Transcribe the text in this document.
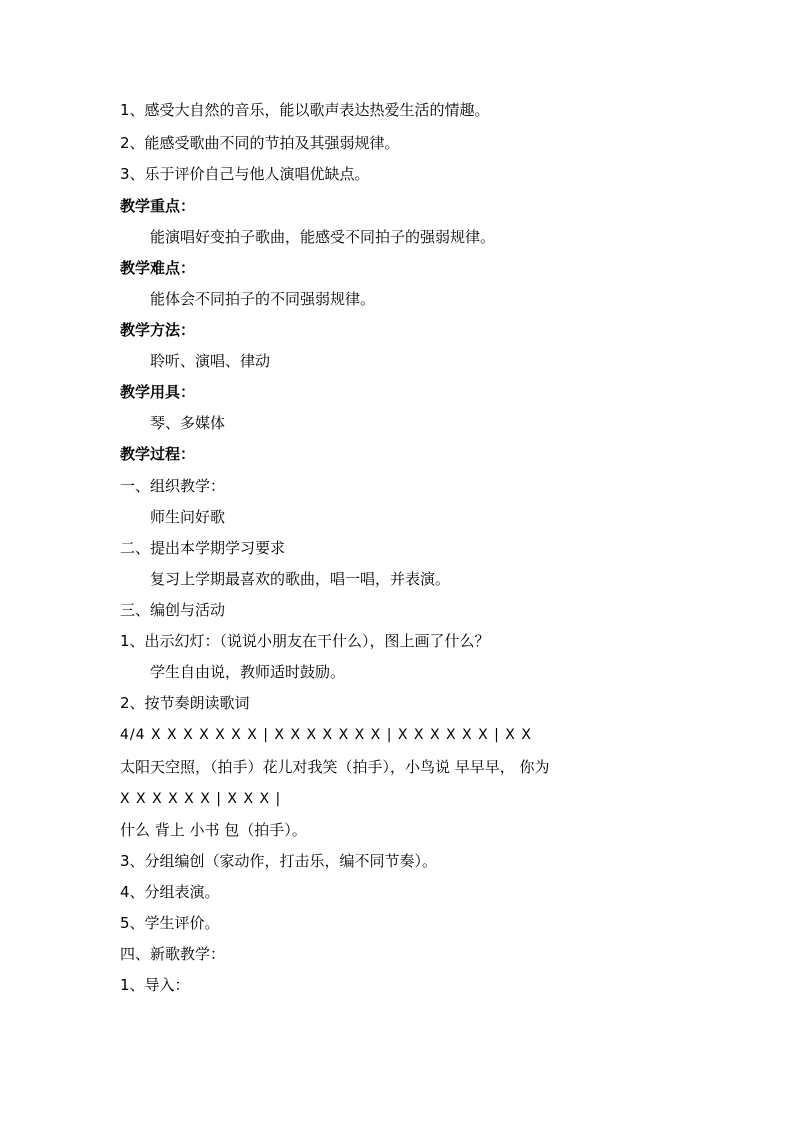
1、感受大自然的音乐，能以歌声表达热爱生活的情趣。
2、能感受歌曲不同的节拍及其强弱规律。
3、乐于评价自己与他人演唱优缺点。
教学重点：
能演唱好变拍子歌曲，能感受不同拍子的强弱规律。
教学难点：
能体会不同拍子的不同强弱规律。
教学方法：
聆听、演唱、律动
教学用具：
琴、多媒体
教学过程：
一、组织教学：
师生问好歌
二、提出本学期学习要求
复习上学期最喜欢的歌曲，唱一唱，并表演。
三、编创与活动
1、出示幻灯：（说说小朋友在干什么），图上画了什么？
学生自由说，教师适时鼓励。
2、按节奏朗读歌词
4/4 X X X X X X X | X X X X X X X | X X X X X X | X X
太阳天空照，（拍手）花儿对我笑（拍手），小鸟说 早早早， 你为
X X X X X X | X X X |
什么 背上 小书 包（拍手）。
3、分组编创（家动作，打击乐，编不同节奏）。
4、分组表演。
5、学生评价。
四、新歌教学：
1、导入：
